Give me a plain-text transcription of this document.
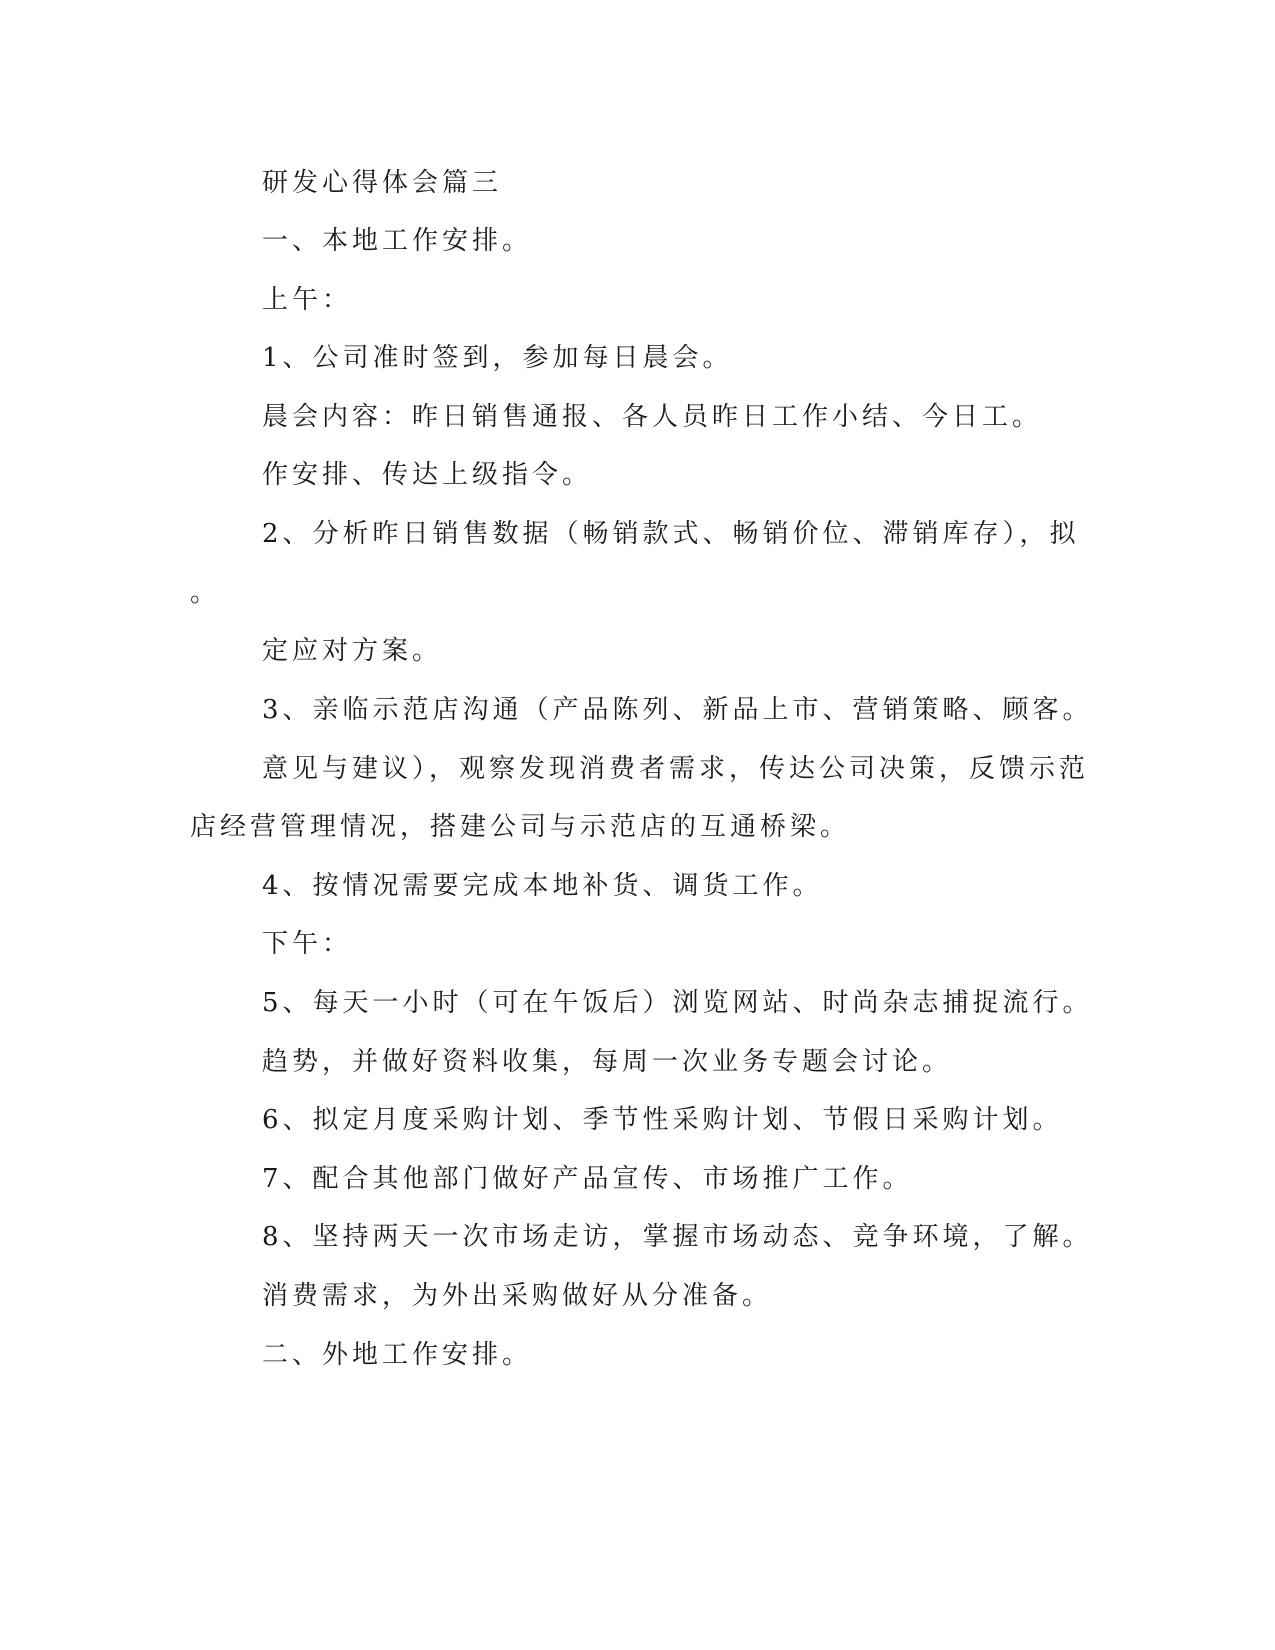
研发心得体会篇三
一、本地工作安排。
上午：
1、公司准时签到，参加每日晨会。
晨会内容：昨日销售通报、各人员昨日工作小结、今日工。
作安排、传达上级指令。
2、分析昨日销售数据（畅销款式、畅销价位、滞销库存），拟
。
定应对方案。
3、亲临示范店沟通（产品陈列、新品上市、营销策略、顾客。
意见与建议），观察发现消费者需求，传达公司决策，反馈示范
店经营管理情况，搭建公司与示范店的互通桥梁。
4、按情况需要完成本地补货、调货工作。
下午：
5、每天一小时（可在午饭后）浏览网站、时尚杂志捕捉流行。
趋势，并做好资料收集，每周一次业务专题会讨论。
6、拟定月度采购计划、季节性采购计划、节假日采购计划。
7、配合其他部门做好产品宣传、市场推广工作。
8、坚持两天一次市场走访，掌握市场动态、竞争环境，了解。
消费需求，为外出采购做好从分准备。
二、外地工作安排。
